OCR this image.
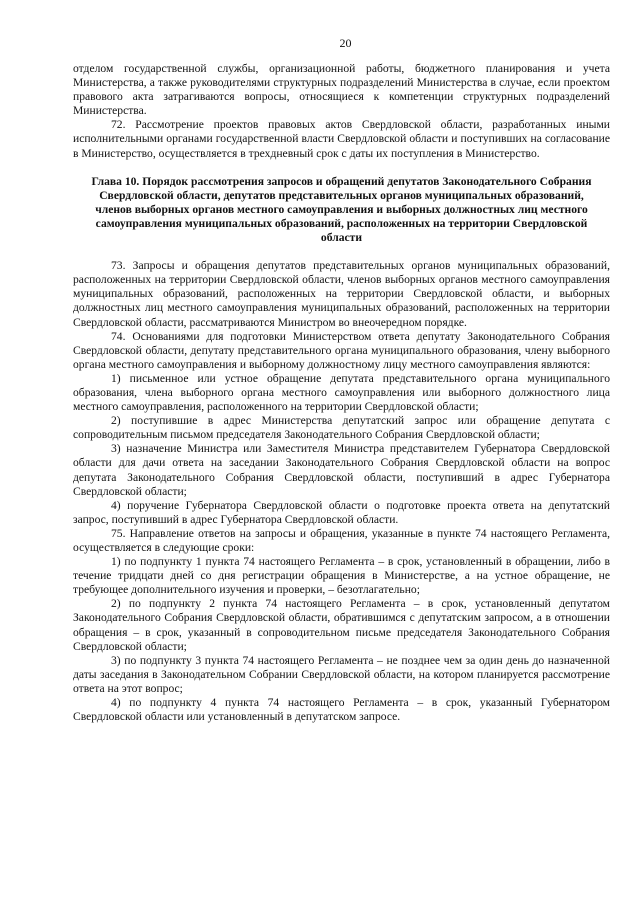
20

отделом государственной службы, организационной работы, бюджетного планирования и учета Министерства, а также руководителями структурных подразделений Министерства в случае, если проектом правового акта затрагиваются вопросы, относящиеся к компетенции структурных подразделений Министерства.

72. Рассмотрение проектов правовых актов Свердловской области, разработанных иными исполнительными органами государственной власти Свердловской области и поступивших на согласование в Министерство, осуществляется в трехдневный срок с даты их поступления в Министерство.

Глава 10. Порядок рассмотрения запросов и обращений депутатов Законодательного Собрания Свердловской области, депутатов представительных органов муниципальных образований, членов выборных органов местного самоуправления и выборных должностных лиц местного самоуправления муниципальных образований, расположенных на территории Свердловской области

73. Запросы и обращения депутатов представительных органов муниципальных образований, расположенных на территории Свердловской области, членов выборных органов местного самоуправления муниципальных образований, расположенных на территории Свердловской области, и выборных должностных лиц местного самоуправления муниципальных образований, расположенных на территории Свердловской области, рассматриваются Министром во внеочередном порядке.

74. Основаниями для подготовки Министерством ответа депутату Законодательного Собрания Свердловской области, депутату представительного органа муниципального образования, члену выборного органа местного самоуправления и выборному должностному лицу местного самоуправления являются:

1) письменное или устное обращение депутата представительного органа муниципального образования, члена выборного органа местного самоуправления или выборного должностного лица местного самоуправления, расположенного на территории Свердловской области;

2) поступившие в адрес Министерства депутатский запрос или обращение депутата с сопроводительным письмом председателя Законодательного Собрания Свердловской области;

3) назначение Министра или Заместителя Министра представителем Губернатора Свердловской области для дачи ответа на заседании Законодательного Собрания Свердловской области на вопрос депутата Законодательного Собрания Свердловской области, поступивший в адрес Губернатора Свердловской области;

4) поручение Губернатора Свердловской области о подготовке проекта ответа на депутатский запрос, поступивший в адрес Губернатора Свердловской области.

75. Направление ответов на запросы и обращения, указанные в пункте 74 настоящего Регламента, осуществляется в следующие сроки:

1) по подпункту 1 пункта 74 настоящего Регламента – в срок, установленный в обращении, либо в течение тридцати дней со дня регистрации обращения в Министерстве, а на устное обращение, не требующее дополнительного изучения и проверки, – безотлагательно;

2) по подпункту 2 пункта 74 настоящего Регламента – в срок, установленный депутатом Законодательного Собрания Свердловской области, обратившимся с депутатским запросом, а в отношении обращения – в срок, указанный в сопроводительном письме председателя Законодательного Собрания Свердловской области;

3) по подпункту 3 пункта 74 настоящего Регламента – не позднее чем за один день до назначенной даты заседания в Законодательном Собрании Свердловской области, на котором планируется рассмотрение ответа на этот вопрос;

4) по подпункту 4 пункта 74 настоящего Регламента – в срок, указанный Губернатором Свердловской области или установленный в депутатском запросе.
